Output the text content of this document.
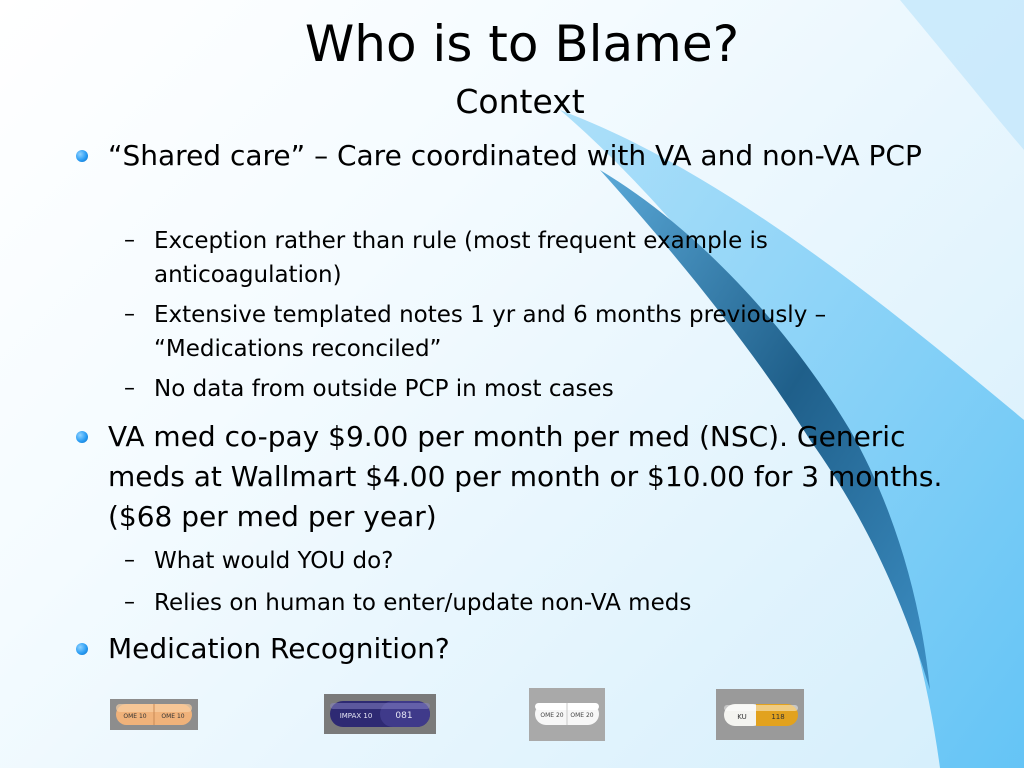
Who is to Blame?
Context
“Shared care” – Care coordinated with VA and non-VA PCP
– Exception rather than rule (most frequent example is anticoagulation)
– Extensive templated notes 1 yr and 6 months previously – “Medications reconciled”
– No data from outside PCP in most cases
VA med co-pay $9.00 per month per med (NSC). Generic meds at Wallmart $4.00 per month or $10.00 for 3 months. ($68 per med per year)
– What would YOU do?
– Relies on human to enter/update non-VA meds
Medication Recognition?
OME 10 OME 10	IMPAX 10	081	OME 20 OME 20	KU	118
